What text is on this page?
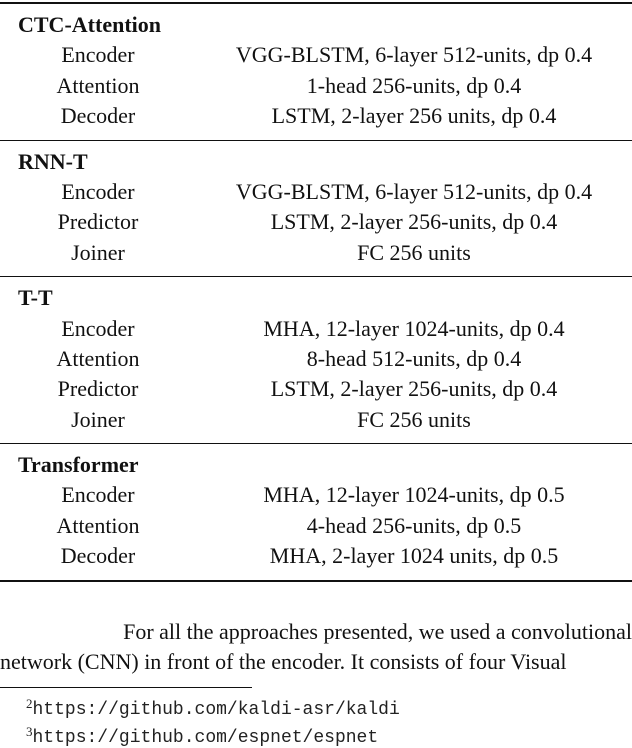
CTC-Attention
Encoder	VGG-BLSTM, 6-layer 512-units, dp 0.4
Attention	1-head 256-units, dp 0.4
Decoder	LSTM, 2-layer 256 units, dp 0.4
RNN-T
Encoder	VGG-BLSTM, 6-layer 512-units, dp 0.4
Predictor	LSTM, 2-layer 256-units, dp 0.4
Joiner	FC 256 units
T-T
Encoder	MHA, 12-layer 1024-units, dp 0.4
Attention	8-head 512-units, dp 0.4
Predictor	LSTM, 2-layer 256-units, dp 0.4
Joiner	FC 256 units
Transformer
Encoder	MHA, 12-layer 1024-units, dp 0.5
Attention	4-head 256-units, dp 0.5
Decoder	MHA, 2-layer 1024 units, dp 0.5
For all the approaches presented, we used a convolutional
network (CNN) in front of the encoder. It consists of four Visual
$^2$https://github.com/kaldi-asr/kaldi
$^3$https://github.com/espnet/espnet
